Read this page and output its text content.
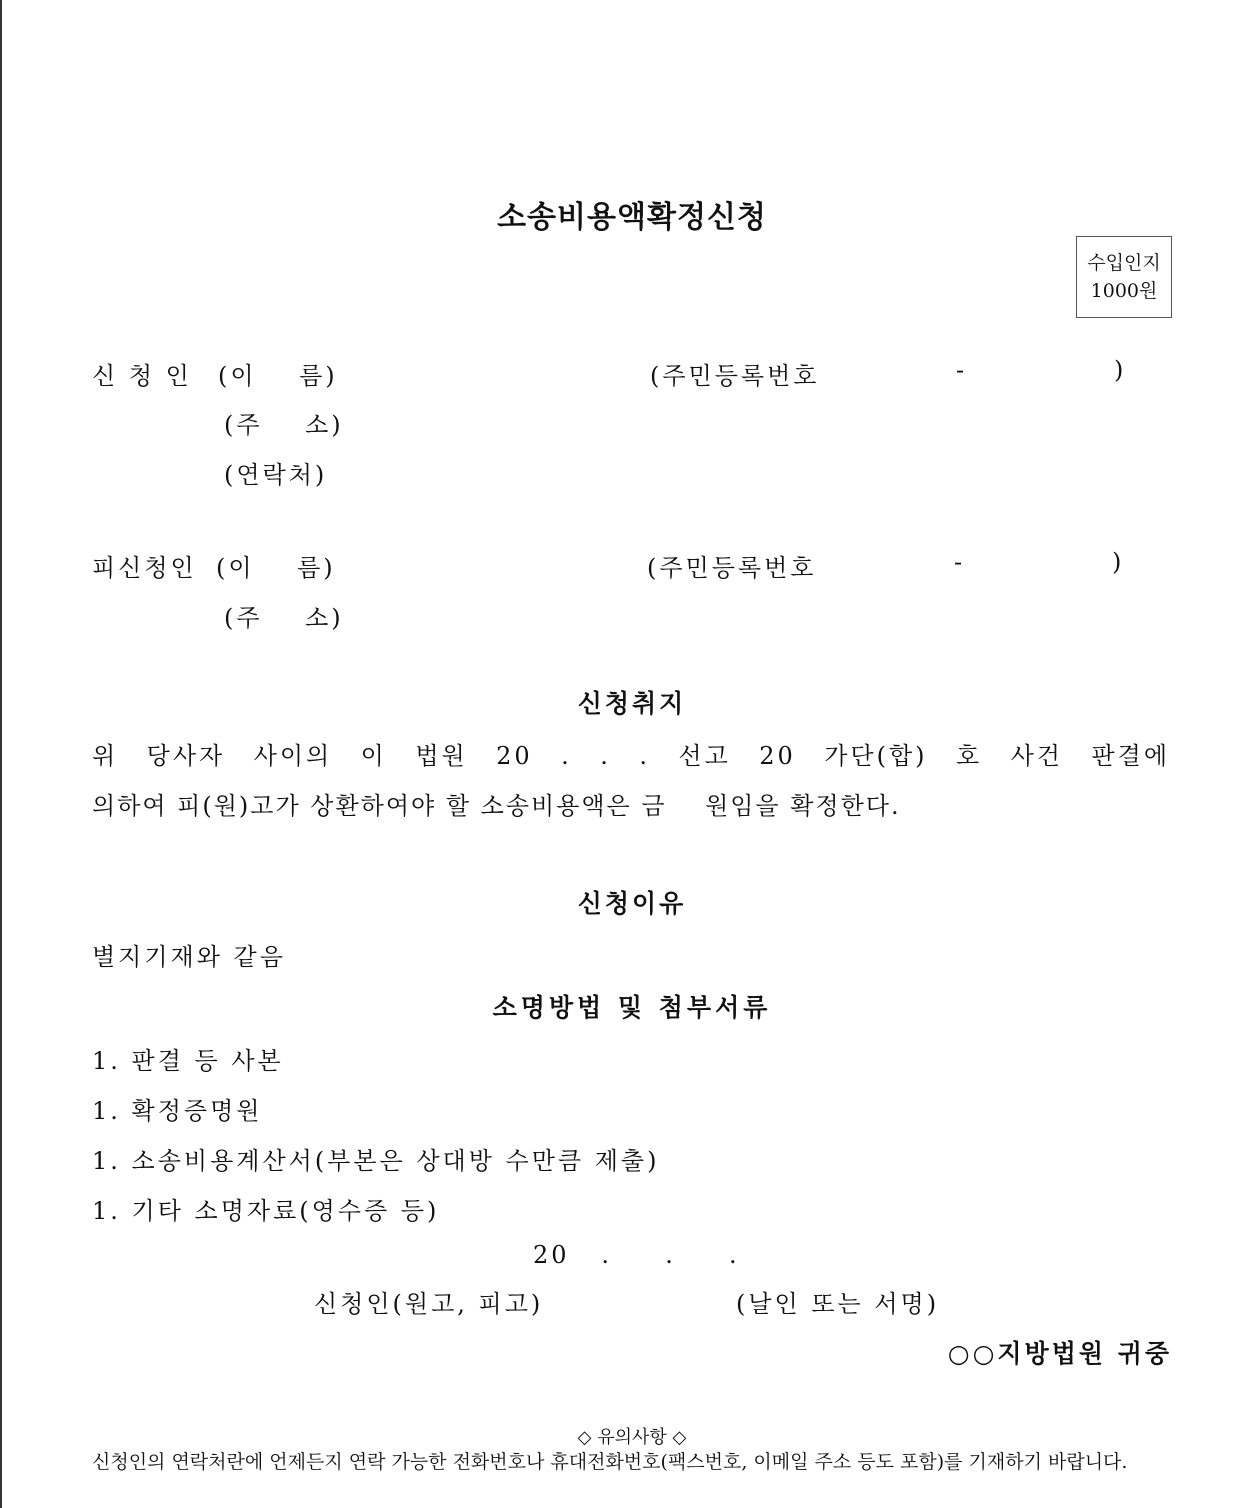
소송비용액확정신청
수입인지
1000원
신 청 인 (이    름)	(주민등록번호	-	)
(주    소)
(연락처)
피신청인 (이    름)	(주민등록번호	-	)
(주    소)
신청취지
위 당사자 사이의 이 법원 20 . . . 선고 20 가단(합) 호 사건 판결에
의하여 피(원)고가 상환하여야 할 소송비용액은 금    원임을 확정한다.
신청이유
별지기재와 같음
소명방법 및 첨부서류
1. 판결 등 사본
1. 확정증명원
1. 소송비용계산서(부본은 상대방 수만큼 제출)
1. 기타 소명자료(영수증 등)
20   .     .     .
신청인(원고, 피고)	(날인 또는 서명)
○○지방법원 귀중
◇ 유의사항 ◇
신청인의 연락처란에 언제든지 연락 가능한 전화번호나 휴대전화번호(팩스번호, 이메일 주소 등도 포함)를 기재하기 바랍니다.
